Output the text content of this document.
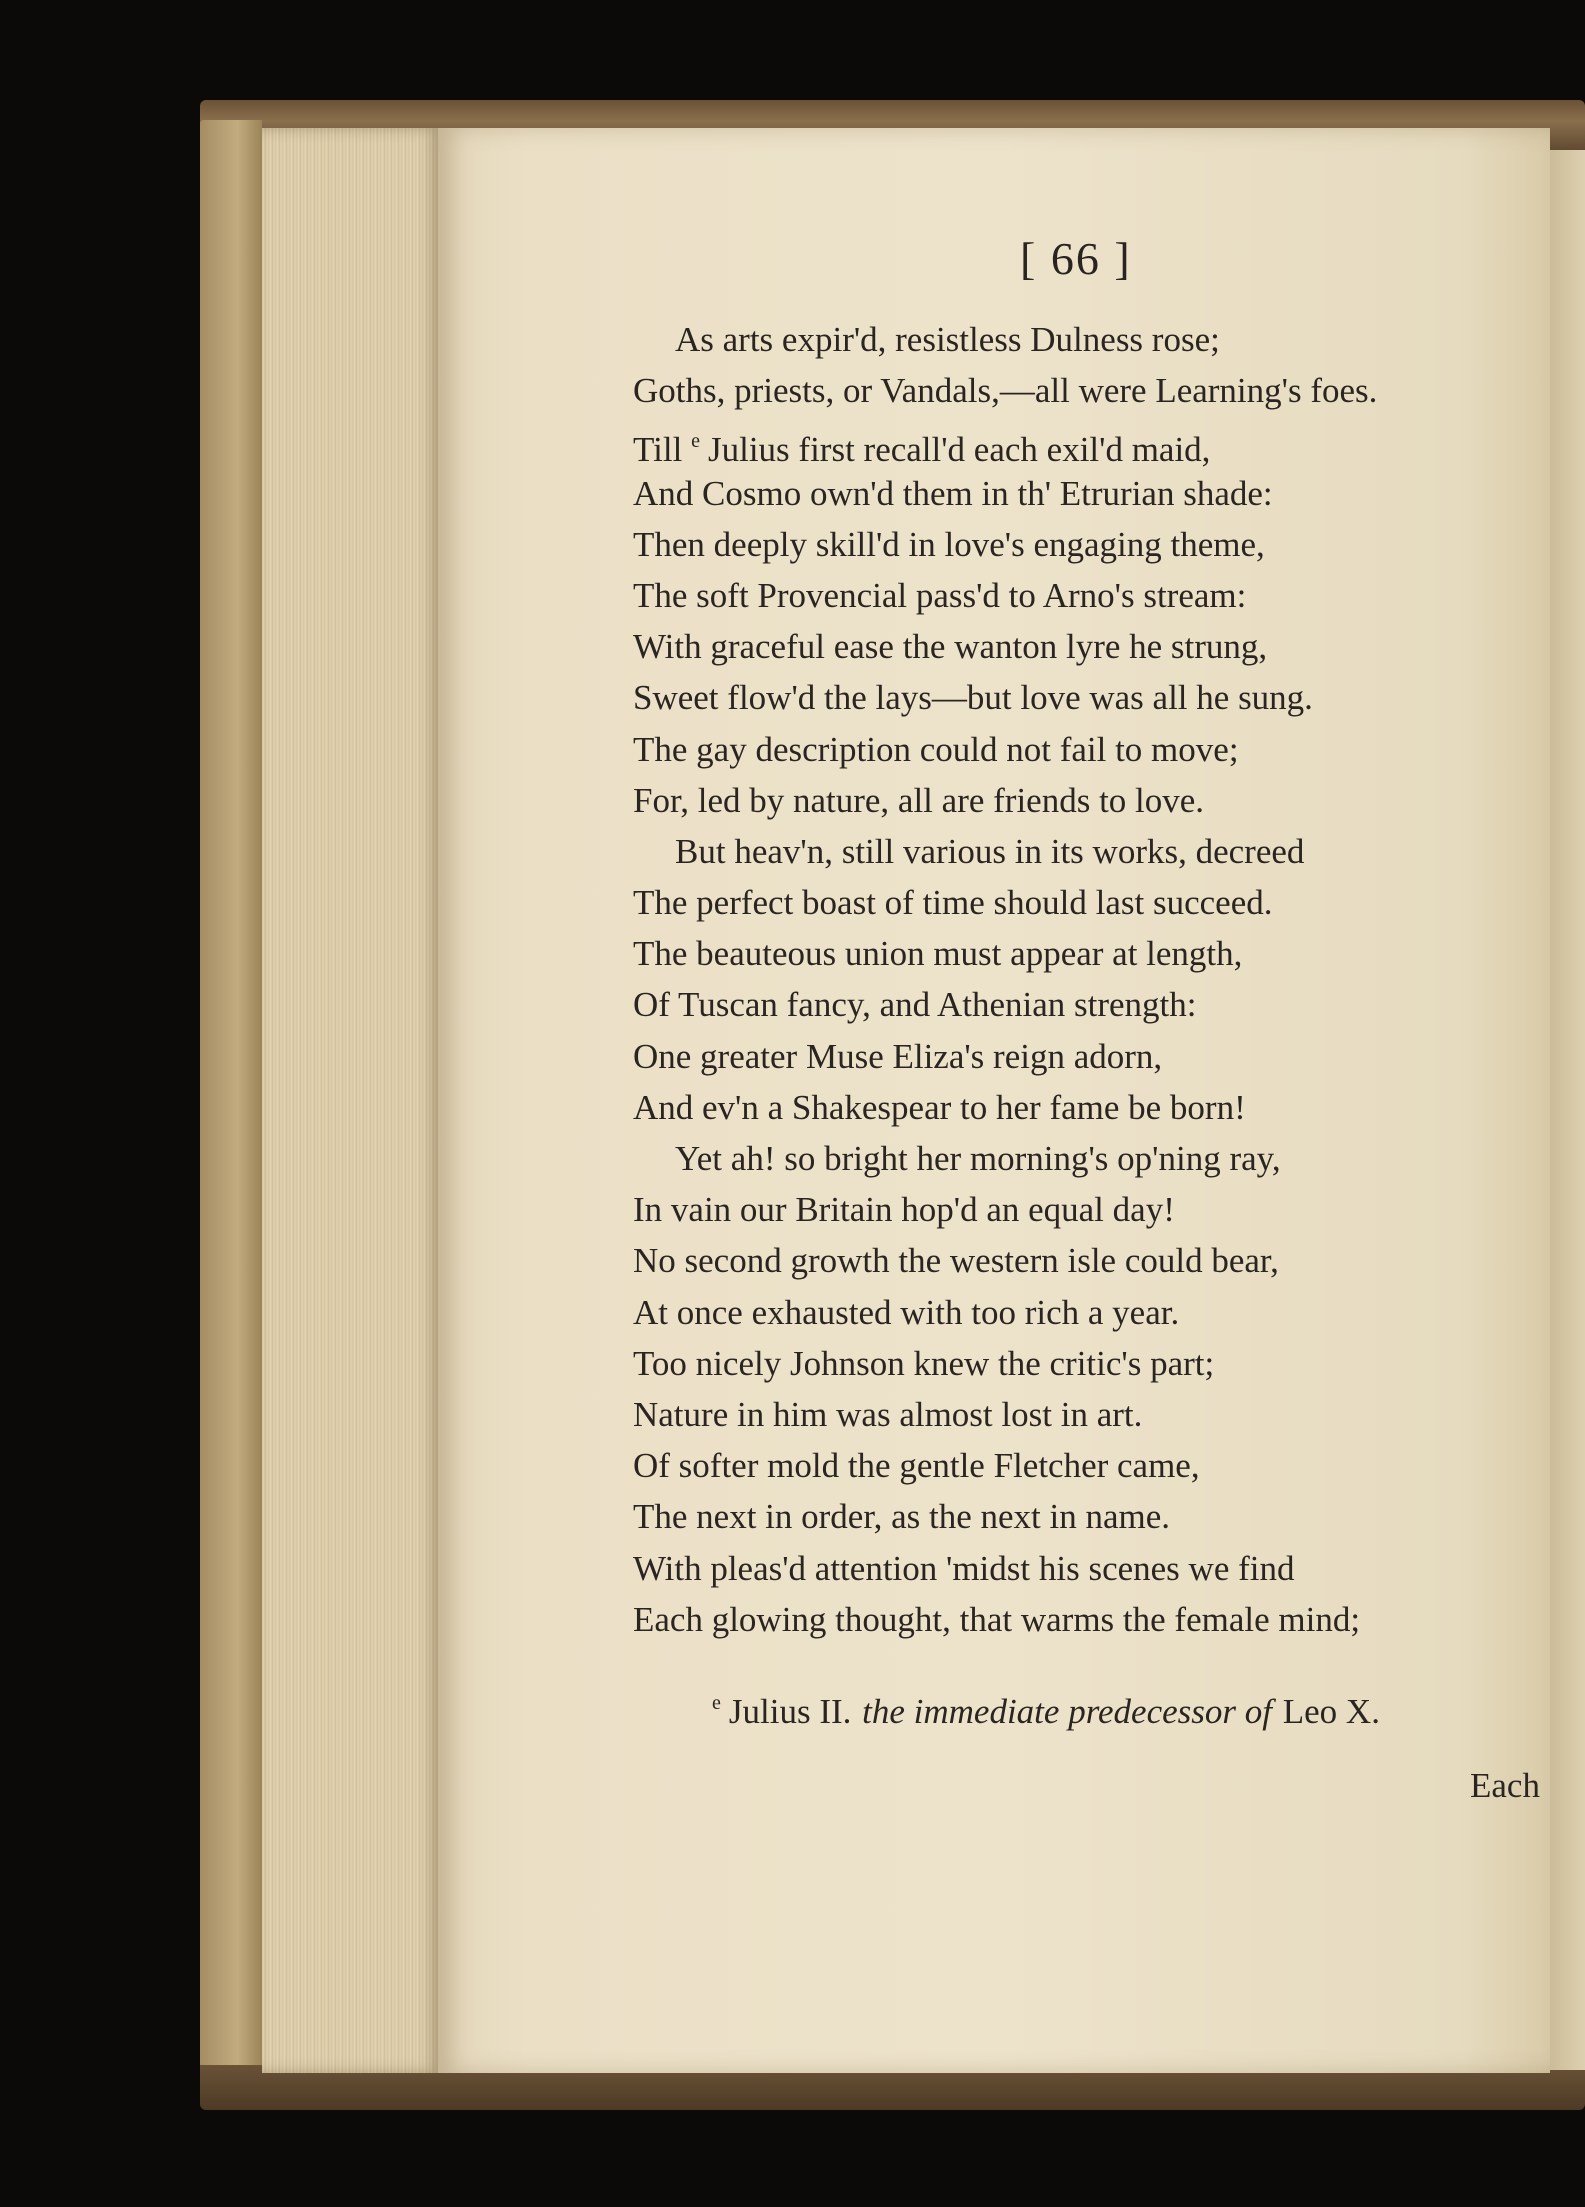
[ 66 ]
As arts expir'd, resistless Dulness rose;
Goths, priests, or Vandals,—all were Learning's foes.
Till $^e$ Julius first recall'd each exil'd maid,
And Cosmo own'd them in th' Etrurian shade:
Then deeply skill'd in love's engaging theme,
The soft Provencial pass'd to Arno's stream:
With graceful ease the wanton lyre he strung,
Sweet flow'd the lays—but love was all he sung.
The gay description could not fail to move;
For, led by nature, all are friends to love.
But heav'n, still various in its works, decreed
The perfect boast of time should last succeed.
The beauteous union must appear at length,
Of Tuscan fancy, and Athenian strength:
One greater Muse Eliza's reign adorn,
And ev'n a Shakespear to her fame be born!
Yet ah! so bright her morning's op'ning ray,
In vain our Britain hop'd an equal day!
No second growth the western isle could bear,
At once exhausted with too rich a year.
Too nicely Johnson knew the critic's part;
Nature in him was almost lost in art.
Of softer mold the gentle Fletcher came,
The next in order, as the next in name.
With pleas'd attention 'midst his scenes we find
Each glowing thought, that warms the female mind;
$^e$ Julius II. the immediate predecessor of Leo X.
Each
